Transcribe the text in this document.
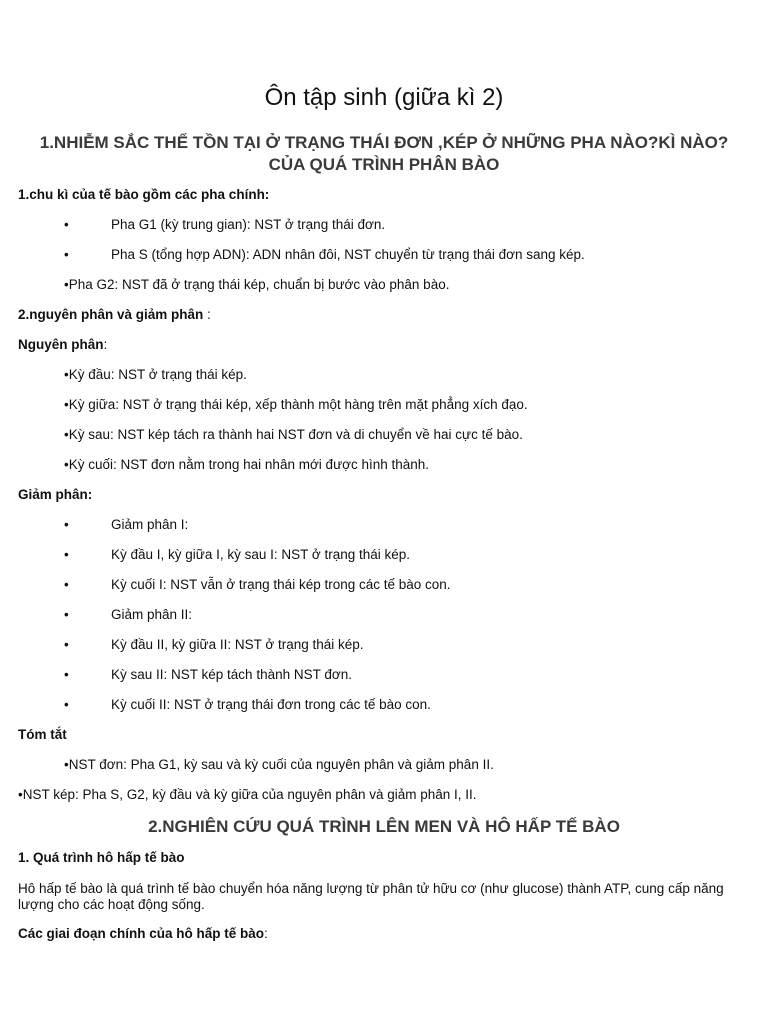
Ôn tập sinh (giữa kì 2)
1.NHIỄM SẮC THỂ TỒN TẠI Ở TRẠNG THÁI ĐƠN ,KÉP Ở NHỮNG PHA NÀO?KÌ NÀO?CỦA QUÁ TRÌNH PHÂN BÀO
1.chu kì của tế bào gồm các pha chính:
•	Pha G1 (kỳ trung gian): NST ở trạng thái đơn.
•	Pha S (tổng hợp ADN): ADN nhân đôi, NST chuyển từ trạng thái đơn sang kép.
•Pha G2: NST đã ở trạng thái kép, chuẩn bị bước vào phân bào.
2.nguyên phân và giảm phân :
Nguyên phân:
•Kỳ đầu: NST ở trạng thái kép.
•Kỳ giữa: NST ở trạng thái kép, xếp thành một hàng trên mặt phẳng xích đạo.
•Kỳ sau: NST kép tách ra thành hai NST đơn và di chuyển về hai cực tế bào.
•Kỳ cuối: NST đơn nằm trong hai nhân mới được hình thành.
Giảm phân:
•	Giảm phân I:
•	Kỳ đầu I, kỳ giữa I, kỳ sau I: NST ở trạng thái kép.
•	Kỳ cuối I: NST vẫn ở trạng thái kép trong các tế bào con.
•	Giảm phân II:
•	Kỳ đầu II, kỳ giữa II: NST ở trạng thái kép.
•	Kỳ sau II: NST kép tách thành NST đơn.
•	Kỳ cuối II: NST ở trạng thái đơn trong các tế bào con.
Tóm tắt
•NST đơn: Pha G1, kỳ sau và kỳ cuối của nguyên phân và giảm phân II.
•NST kép: Pha S, G2, kỳ đầu và kỳ giữa của nguyên phân và giảm phân I, II.
2.NGHIÊN CỨU QUÁ TRÌNH LÊN MEN VÀ HÔ HẤP TẾ BÀO
1. Quá trình hô hấp tế bào
Hô hấp tế bào là quá trình tế bào chuyển hóa năng lượng từ phân tử hữu cơ (như glucose) thành ATP, cung cấp năng lượng cho các hoạt động sống.
Các giai đoạn chính của hô hấp tế bào:
